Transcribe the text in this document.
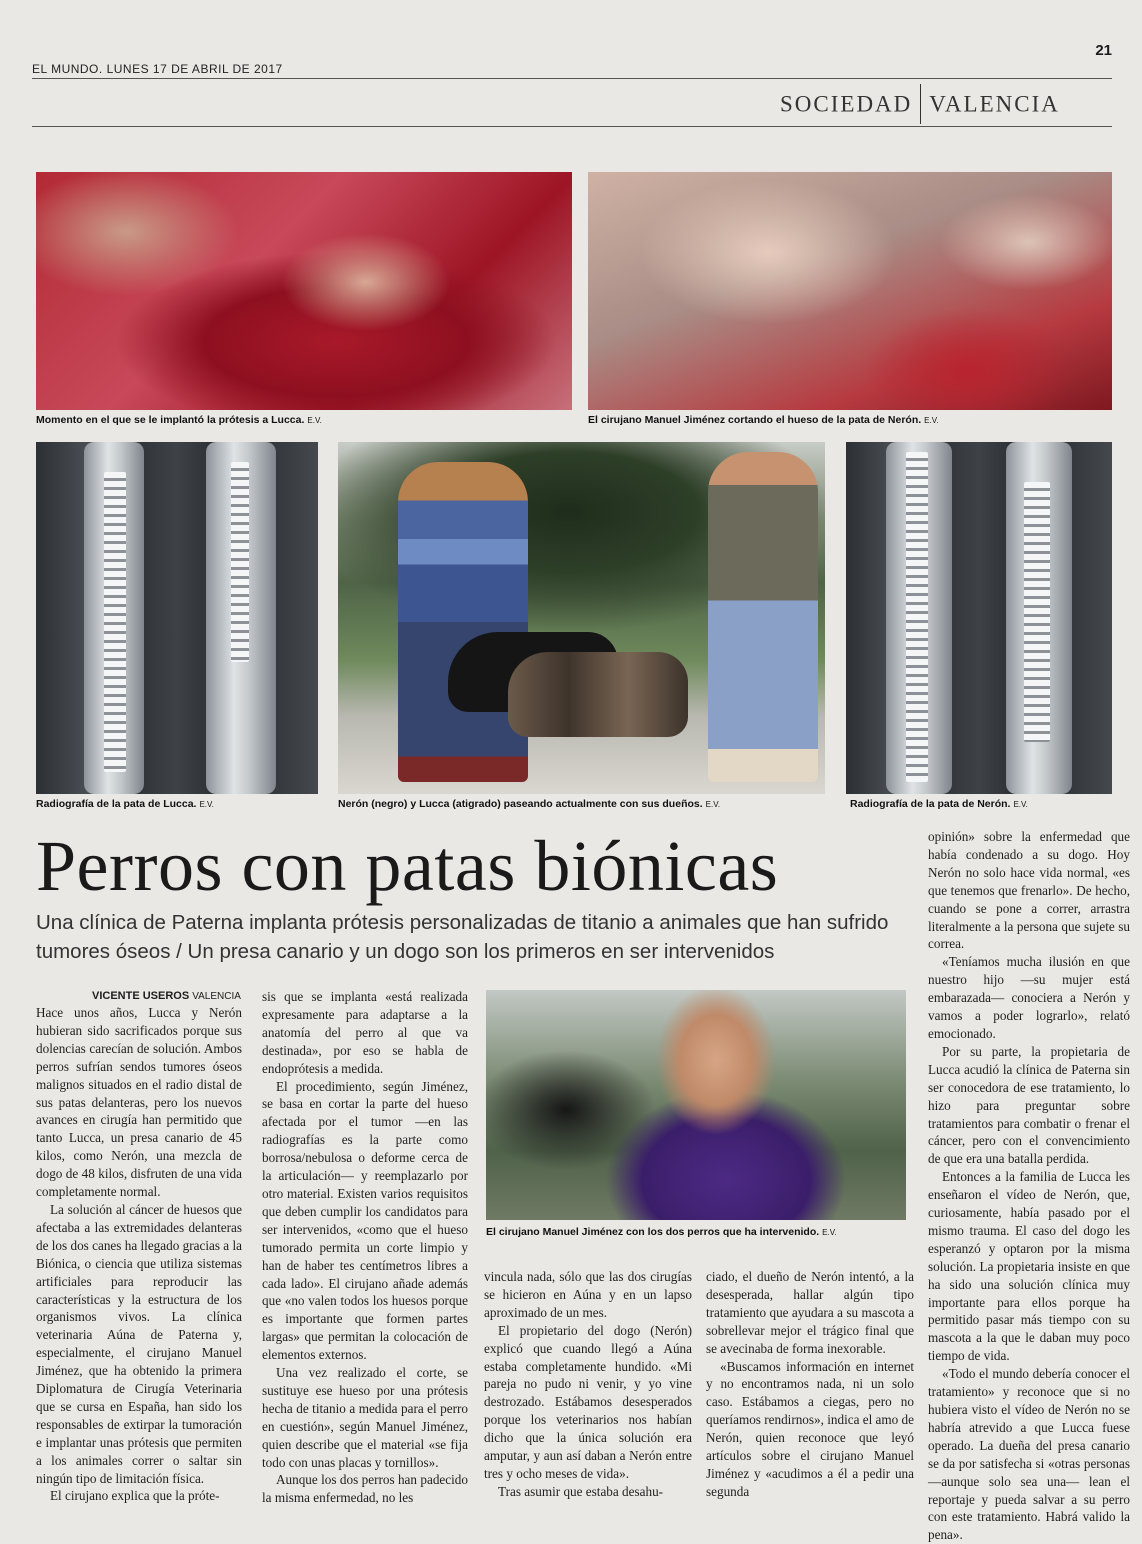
EL MUNDO. LUNES 17 DE ABRIL DE 2017
21
SOCIEDAD VALENCIA
Momento en el que se le implantó la prótesis a Lucca. E.V.	El cirujano Manuel Jiménez cortando el hueso de la pata de Nerón. E.V.
Radiografía de la pata de Lucca. E.V.	Nerón (negro) y Lucca (atigrado) paseando actualmente con sus dueños. E.V.	Radiografía de la pata de Nerón. E.V.
Perros con patas biónicas
Una clínica de Paterna implanta prótesis personalizadas de titanio a animales que han sufrido tumores óseos / Un presa canario y un dogo son los primeros en ser intervenidos
VICENTE USEROS VALENCIA

Hace unos años, Lucca y Nerón hubieran sido sacrificados porque sus dolencias carecían de solución. Ambos perros sufrían sendos tumores óseos malignos situados en el radio distal de sus patas delanteras, pero los nuevos avances en cirugía han permitido que tanto Lucca, un presa canario de 45 kilos, como Nerón, una mezcla de dogo de 48 kilos, disfruten de una vida completamente normal.

La solución al cáncer de huesos que afectaba a las extremidades delanteras de los dos canes ha llegado gracias a la Biónica, o ciencia que utiliza sistemas artificiales para reproducir las características y la estructura de los organismos vivos. La clínica veterinaria Aúna de Paterna y, especialmente, el cirujano Manuel Jiménez, que ha obtenido la primera Diplomatura de Cirugía Veterinaria que se cursa en España, han sido los responsables de extirpar la tumoración e implantar unas prótesis que permiten a los animales correr o saltar sin ningún tipo de limitación física.

El cirujano explica que la próte-

sis que se implanta «está realizada expresamente para adaptarse a la anatomía del perro al que va destinada», por eso se habla de endoprótesis a medida.

El procedimiento, según Jiménez, se basa en cortar la parte del hueso afectada por el tumor —en las radiografías es la parte como borrosa/nebulosa o deforme cerca de la articulación— y reemplazarlo por otro material. Existen varios requisitos que deben cumplir los candidatos para ser intervenidos, «como que el hueso tumorado permita un corte limpio y han de haber tes centímetros libres a cada lado». El cirujano añade además que «no valen todos los huesos porque es importante que formen partes largas» que permitan la colocación de elementos externos.

Una vez realizado el corte, se sustituye ese hueso por una prótesis hecha de titanio a medida para el perro en cuestión», según Manuel Jiménez, quien describe que el material «se fija todo con unas placas y tornillos».

Aunque los dos perros han padecido la misma enfermedad, no les

El cirujano Manuel Jiménez con los dos perros que ha intervenido. E.V.

vincula nada, sólo que las dos cirugías se hicieron en Aúna y en un lapso aproximado de un mes.

El propietario del dogo (Nerón) explicó que cuando llegó a Aúna estaba completamente hundido. «Mi pareja no pudo ni venir, y yo vine destrozado. Estábamos desesperados porque los veterinarios nos habían dicho que la única solución era amputar, y aun así daban a Nerón entre tres y ocho meses de vida».

Tras asumir que estaba desahu-

ciado, el dueño de Nerón intentó, a la desesperada, hallar algún tipo tratamiento que ayudara a su mascota a sobrellevar mejor el trágico final que se avecinaba de forma inexorable.

«Buscamos información en internet y no encontramos nada, ni un solo caso. Estábamos a ciegas, pero no queríamos rendirnos», indica el amo de Nerón, quien reconoce que leyó artículos sobre el cirujano Manuel Jiménez y «acudimos a él a pedir una segunda

opinión» sobre la enfermedad que había condenado a su dogo. Hoy Nerón no solo hace vida normal, «es que tenemos que frenarlo». De hecho, cuando se pone a correr, arrastra literalmente a la persona que sujete su correa.

«Teníamos mucha ilusión en que nuestro hijo —su mujer está embarazada— conociera a Nerón y vamos a poder lograrlo», relató emocionado.

Por su parte, la propietaria de Lucca acudió la clínica de Paterna sin ser conocedora de ese tratamiento, lo hizo para preguntar sobre tratamientos para combatir o frenar el cáncer, pero con el convencimiento de que era una batalla perdida.

Entonces a la familia de Lucca les enseñaron el vídeo de Nerón, que, curiosamente, había pasado por el mismo trauma. El caso del dogo les esperanzó y optaron por la misma solución. La propietaria insiste en que ha sido una solución clínica muy importante para ellos porque ha permitido pasar más tiempo con su mascota a la que le daban muy poco tiempo de vida.

«Todo el mundo debería conocer el tratamiento» y reconoce que si no hubiera visto el vídeo de Nerón no se habría atrevido a que Lucca fuese operado. La dueña del presa canario se da por satisfecha si «otras personas —aunque solo sea una— lean el reportaje y pueda salvar a su perro con este tratamiento. Habrá valido la pena».
